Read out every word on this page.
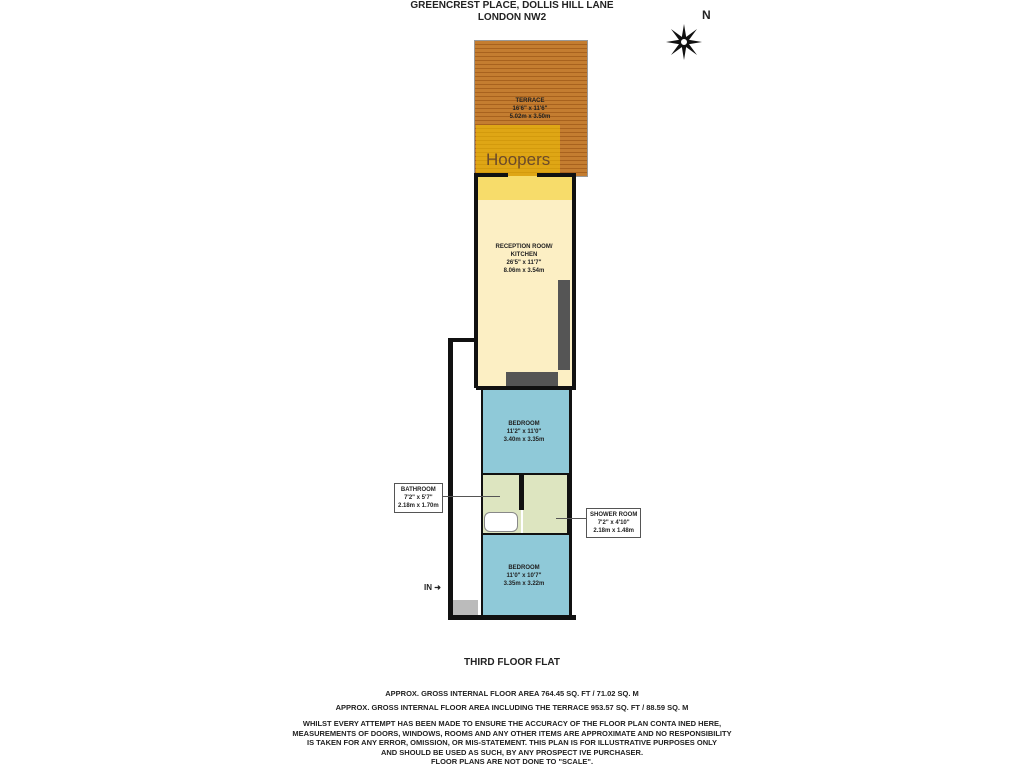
GREENCREST PLACE, DOLLIS HILL LANE
LONDON NW2	N
TERRACE
16'6" x 11'6"
5.02m x 3.50m
Hoopers
RECEPTION ROOM/
KITCHEN
26'5" x 11'7"
8.06m x 3.54m
BEDROOM
11'2" x 11'0"
3.40m x 3.35m
BATHROOM
7'2" x 5'7"
2.18m x 1.70m
SHOWER ROOM
7'2" x 4'10"
2.18m x 1.48m
BEDROOM
11'0" x 10'7"
3.35m x 3.22m
IN ➜
THIRD FLOOR FLAT
APPROX. GROSS INTERNAL FLOOR AREA 764.45 SQ. FT / 71.02 SQ. M
APPROX. GROSS INTERNAL FLOOR AREA INCLUDING THE TERRACE 953.57 SQ. FT / 88.59 SQ. M
WHILST EVERY ATTEMPT HAS BEEN MADE TO ENSURE THE ACCURACY OF THE FLOOR PLAN CONTA INED HERE,
MEASUREMENTS OF DOORS, WINDOWS, ROOMS AND ANY OTHER ITEMS ARE APPROXIMATE AND NO RESPONSIBILITY
IS TAKEN FOR ANY ERROR, OMISSION, OR MIS-STATEMENT. THIS PLAN IS FOR ILLUSTRATIVE PURPOSES ONLY
AND SHOULD BE USED AS SUCH, BY ANY PROSPECT IVE PURCHASER.
FLOOR PLANS ARE NOT DONE TO "SCALE".
